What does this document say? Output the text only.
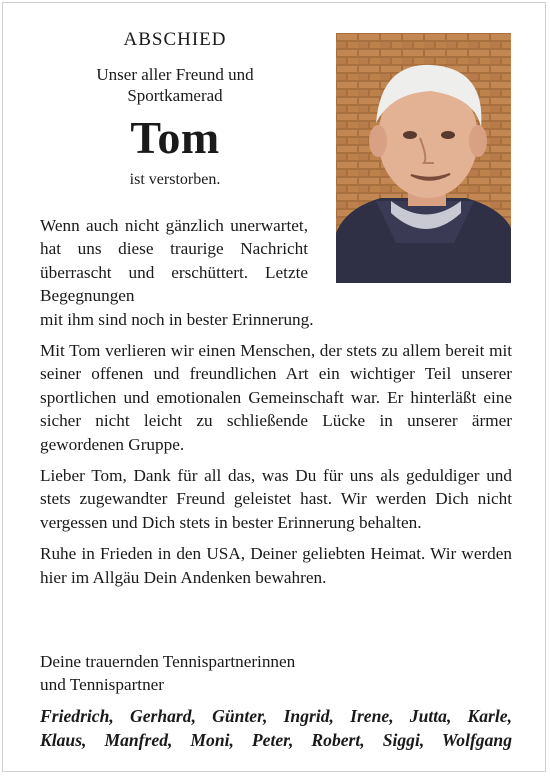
ABSCHIED
Unser aller Freund und
Sportkamerad
Tom
ist verstorben.

Wenn auch nicht gänzlich unerwartet, hat uns diese traurige Nachricht überrascht und erschüttert. Letzte Begegnungen

mit ihm sind noch in bester Erinnerung.

Mit Tom verlieren wir einen Menschen, der stets zu allem bereit mit seiner offenen und freundlichen Art ein wichtiger Teil unserer sportlichen und emotionalen Gemeinschaft war. Er hinterläßt eine sicher nicht leicht zu schließende Lücke in unserer ärmer gewordenen Gruppe.

Lieber Tom, Dank für all das, was Du für uns als geduldiger und stets zugewandter Freund geleistet hast. Wir werden Dich nicht vergessen und Dich stets in bester Erinnerung behalten.

Ruhe in Frieden in den USA, Deiner geliebten Heimat. Wir werden hier im Allgäu Dein Andenken bewahren.

Deine trauernden Tennispartnerinnen
und Tennispartner
Friedrich, Gerhard, Günter, Ingrid, Irene, Jutta, Karle,
Klaus, Manfred, Moni, Peter, Robert, Siggi, Wolfgang
